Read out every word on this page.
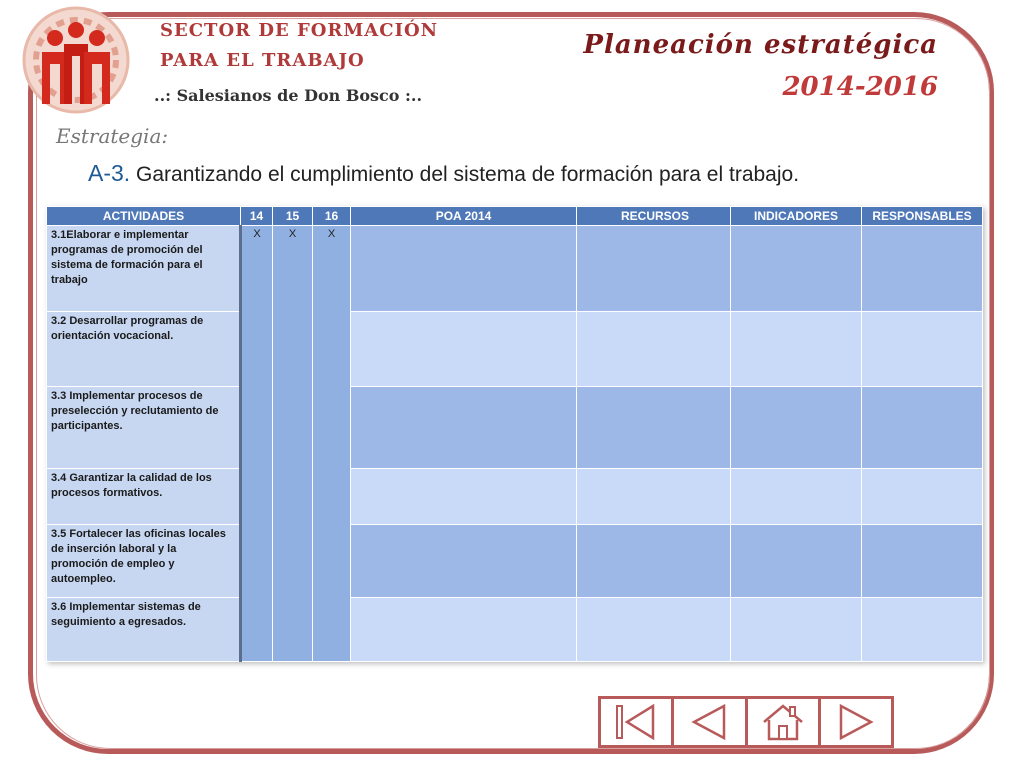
SECTOR DE FORMACIÓN
PARA EL TRABAJO
..: Salesianos de Don Bosco :..
Planeación estratégica
2014-2016
Estrategia:
A-3. Garantizando el cumplimiento del sistema de formación para el trabajo.
ACTIVIDADES	14	15	16	POA 2014	RECURSOS	INDICADORES	RESPONSABLES
3.1Elaborar e implementar programas de promoción del sistema de formación para el trabajo	X	X	X				
3.2 Desarrollar programas de orientación vocacional.							
3.3 Implementar procesos de preselección y reclutamiento de participantes.							
3.4 Garantizar la calidad de los procesos formativos.							
3.5 Fortalecer las oficinas locales de inserción laboral y la promoción de empleo y autoempleo.							
3.6 Implementar sistemas de seguimiento a egresados.							
